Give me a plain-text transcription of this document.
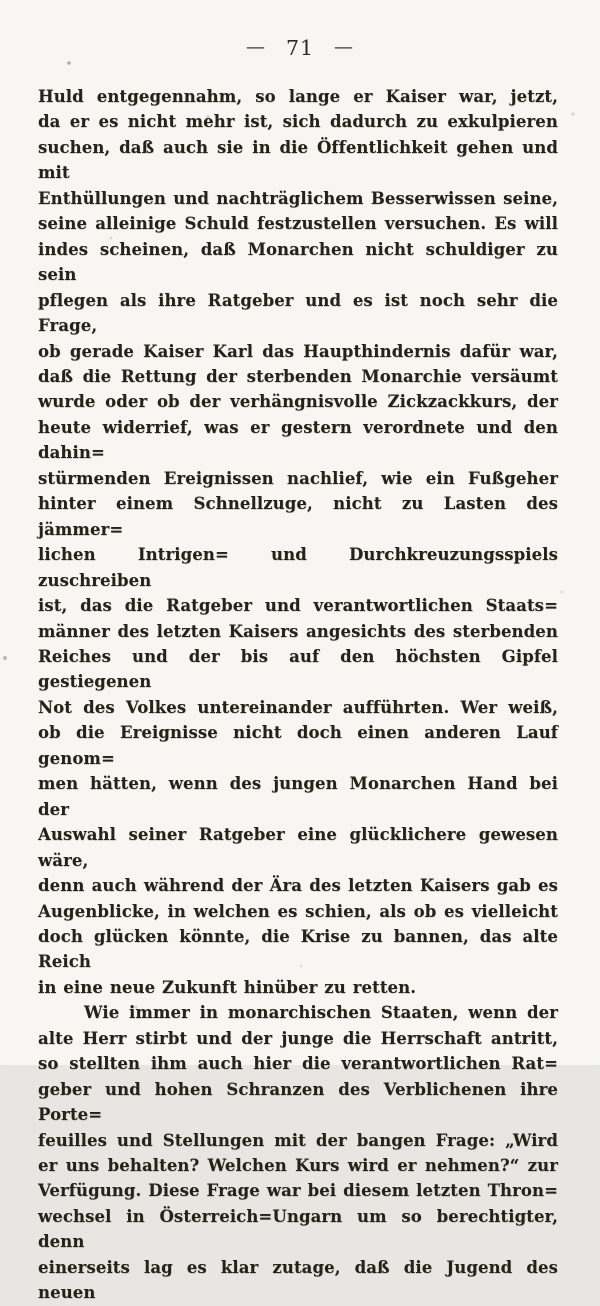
— 71 —
Huld entgegennahm, so lange er Kaiser war, jetzt,
da er es nicht mehr ist, sich dadurch zu exkulpieren
suchen, daß auch sie in die Öffentlichkeit gehen und mit
Enthüllungen und nachträglichem Besserwissen seine,
seine alleinige Schuld festzustellen versuchen. Es will
indes scheinen, daß Monarchen nicht schuldiger zu sein
pflegen als ihre Ratgeber und es ist noch sehr die Frage,
ob gerade Kaiser Karl das Haupthindernis dafür war,
daß die Rettung der sterbenden Monarchie versäumt
wurde oder ob der verhängnisvolle Zickzackkurs, der
heute widerrief, was er gestern verordnete und den dahin=
stürmenden Ereignissen nachlief, wie ein Fußgeher
hinter einem Schnellzuge, nicht zu Lasten des jämmer=
lichen Intrigen= und Durchkreuzungsspiels zuschreiben
ist, das die Ratgeber und verantwortlichen Staats=
männer des letzten Kaisers angesichts des sterbenden
Reiches und der bis auf den höchsten Gipfel gestiegenen
Not des Volkes untereinander aufführten. Wer weiß,
ob die Ereignisse nicht doch einen anderen Lauf genom=
men hätten, wenn des jungen Monarchen Hand bei der
Auswahl seiner Ratgeber eine glücklichere gewesen wäre,
denn auch während der Ära des letzten Kaisers gab es
Augenblicke, in welchen es schien, als ob es vielleicht
doch glücken könnte, die Krise zu bannen, das alte Reich
in eine neue Zukunft hinüber zu retten.
Wie immer in monarchischen Staaten, wenn der
alte Herr stirbt und der junge die Herrschaft antritt,
so stellten ihm auch hier die verantwortlichen Rat=
geber und hohen Schranzen des Verblichenen ihre Porte=
feuilles und Stellungen mit der bangen Frage: „Wird
er uns behalten? Welchen Kurs wird er nehmen?“ zur
Verfügung. Diese Frage war bei diesem letzten Thron=
wechsel in Österreich=Ungarn um so berechtigter, denn
einerseits lag es klar zutage, daß die Jugend des neuen
